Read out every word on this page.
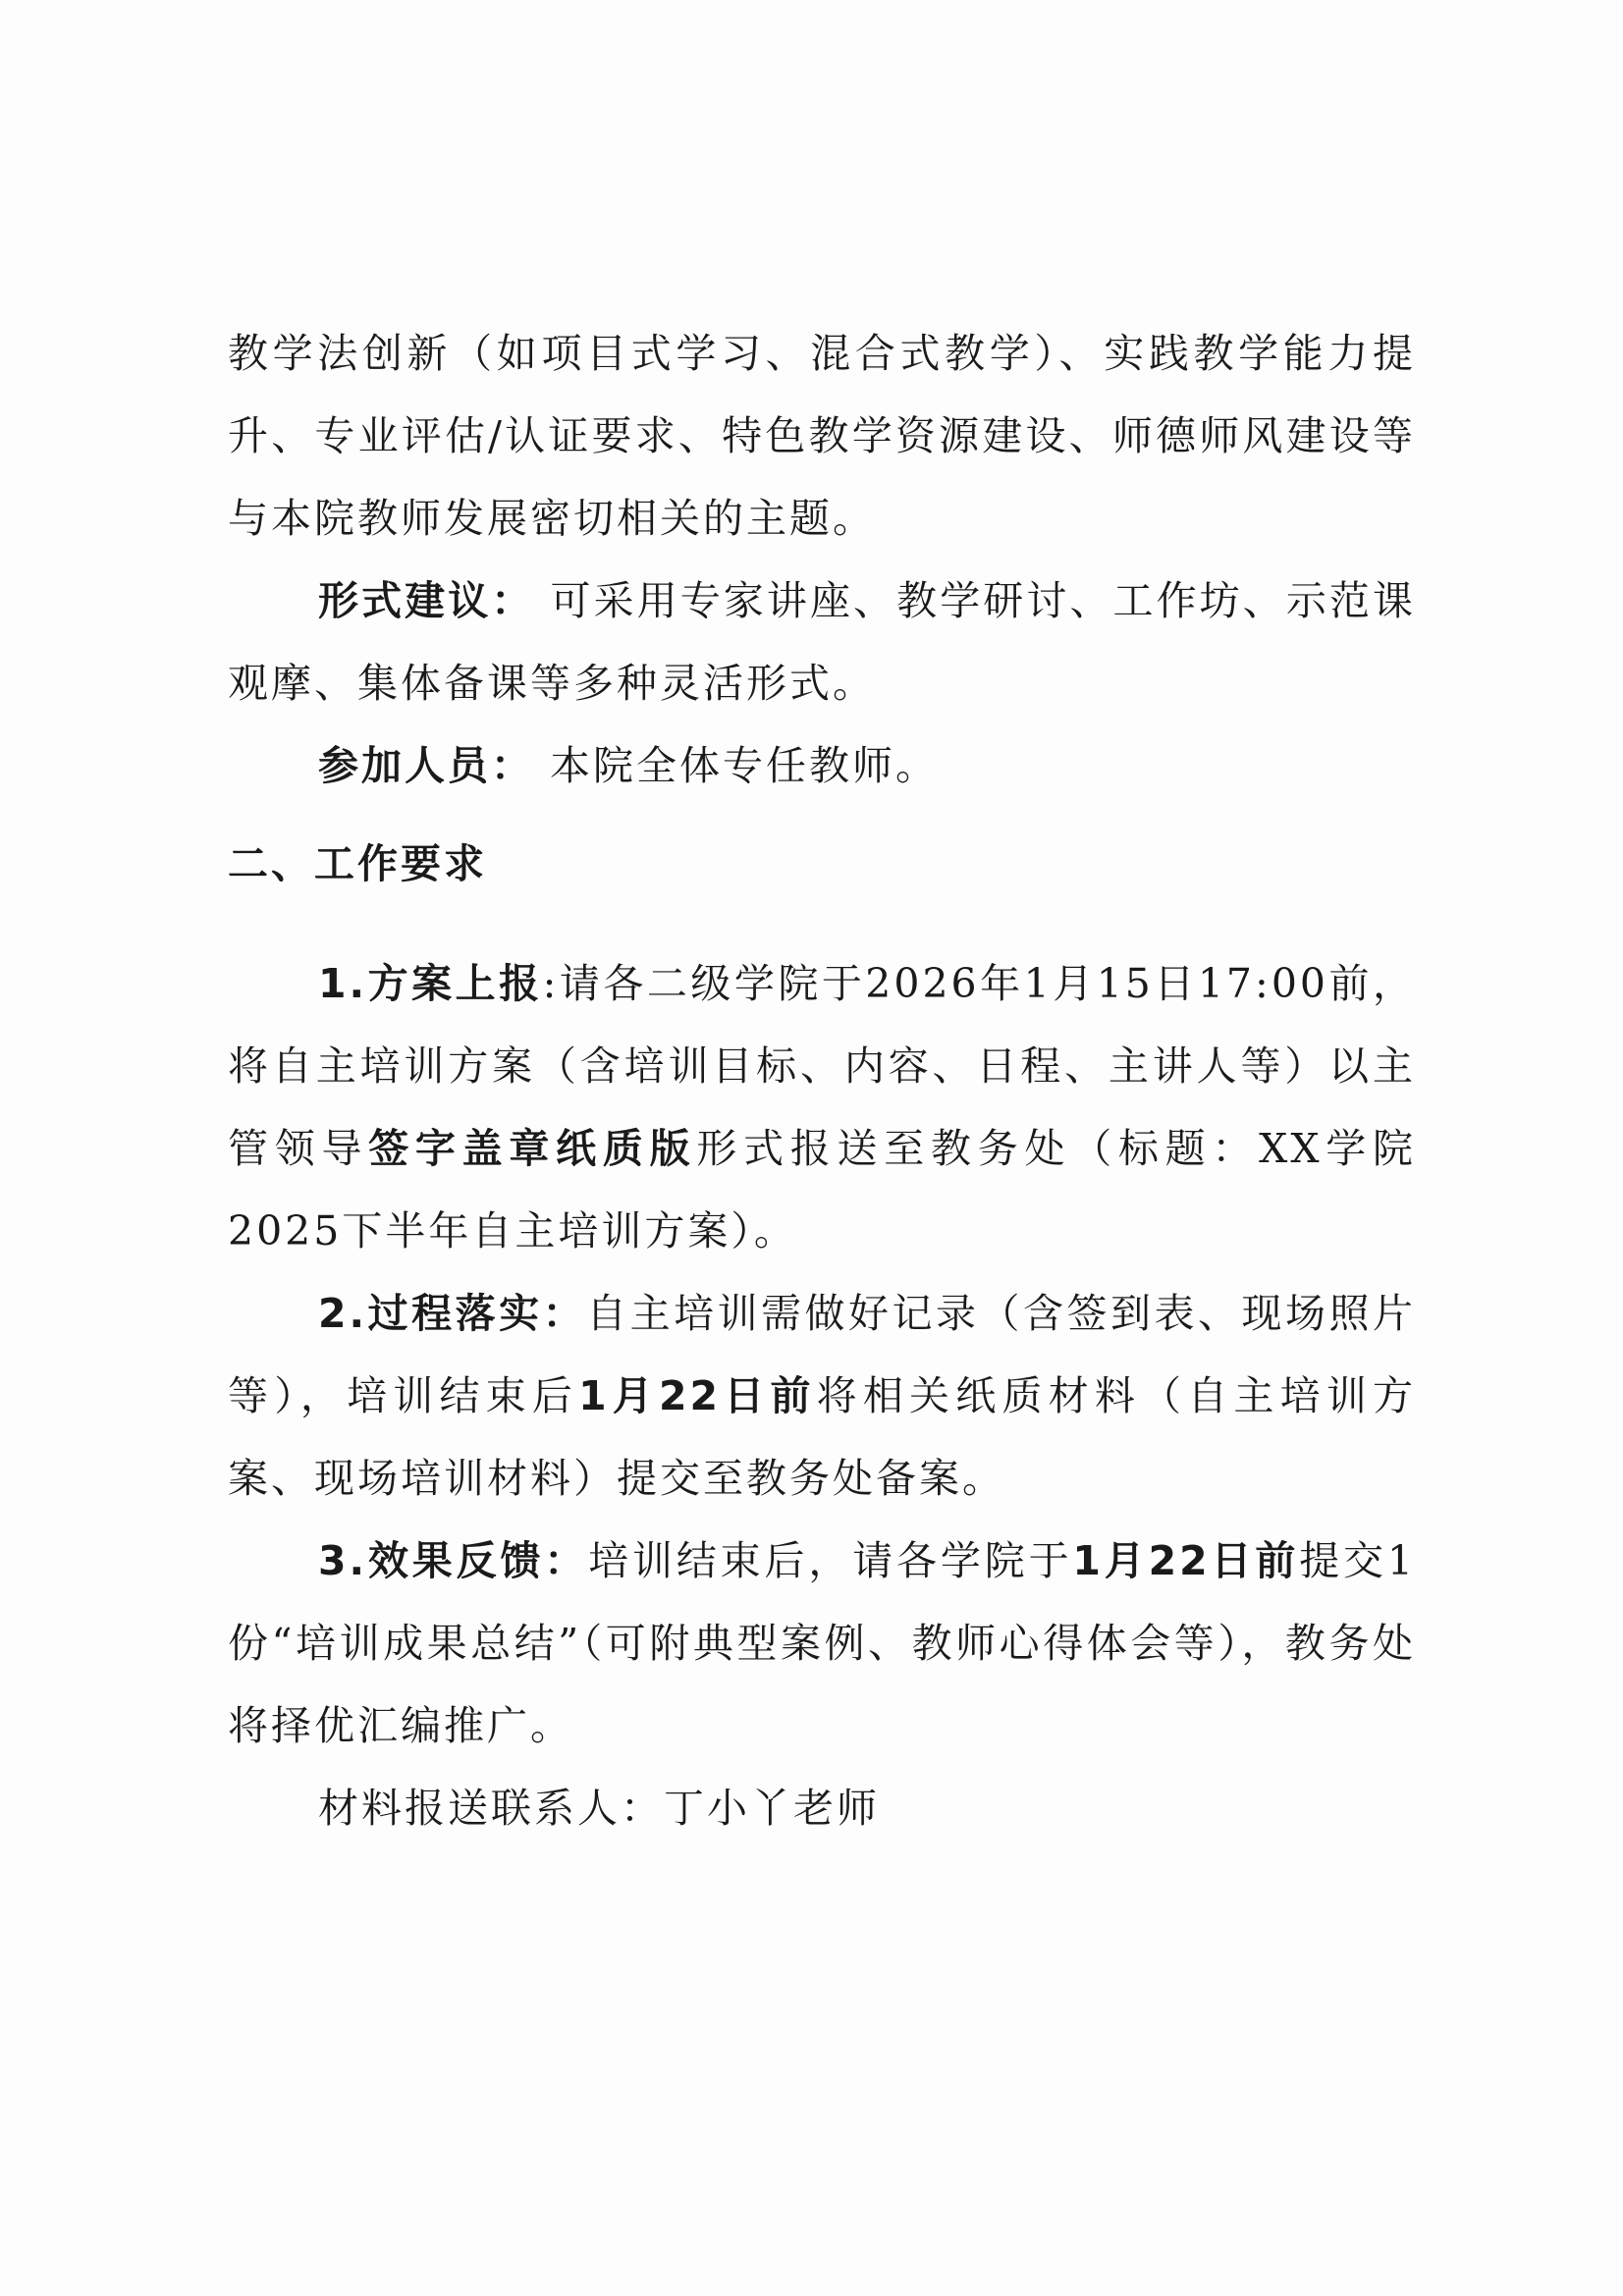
教学法创新（如项目式学习、混合式教学）、实践教学能力提升、专业评估/认证要求、特色教学资源建设、师德师风建设等与本院教师发展密切相关的主题。

形式建议： 可采用专家讲座、教学研讨、工作坊、示范课观摩、集体备课等多种灵活形式。

参加人员： 本院全体专任教师。

二、工作要求

1.方案上报:请各二级学院于2026年1月15日17:00前，将自主培训方案（含培训目标、内容、日程、主讲人等）以主管领导签字盖章纸质版形式报送至教务处（标题：XX学院2025下半年自主培训方案）。

2.过程落实：自主培训需做好记录（含签到表、现场照片等），培训结束后1月22日前将相关纸质材料（自主培训方案、现场培训材料）提交至教务处备案。

3.效果反馈：培训结束后，请各学院于1月22日前提交1份“培训成果总结”（可附典型案例、教师心得体会等），教务处将择优汇编推广。

材料报送联系人：丁小丫老师
